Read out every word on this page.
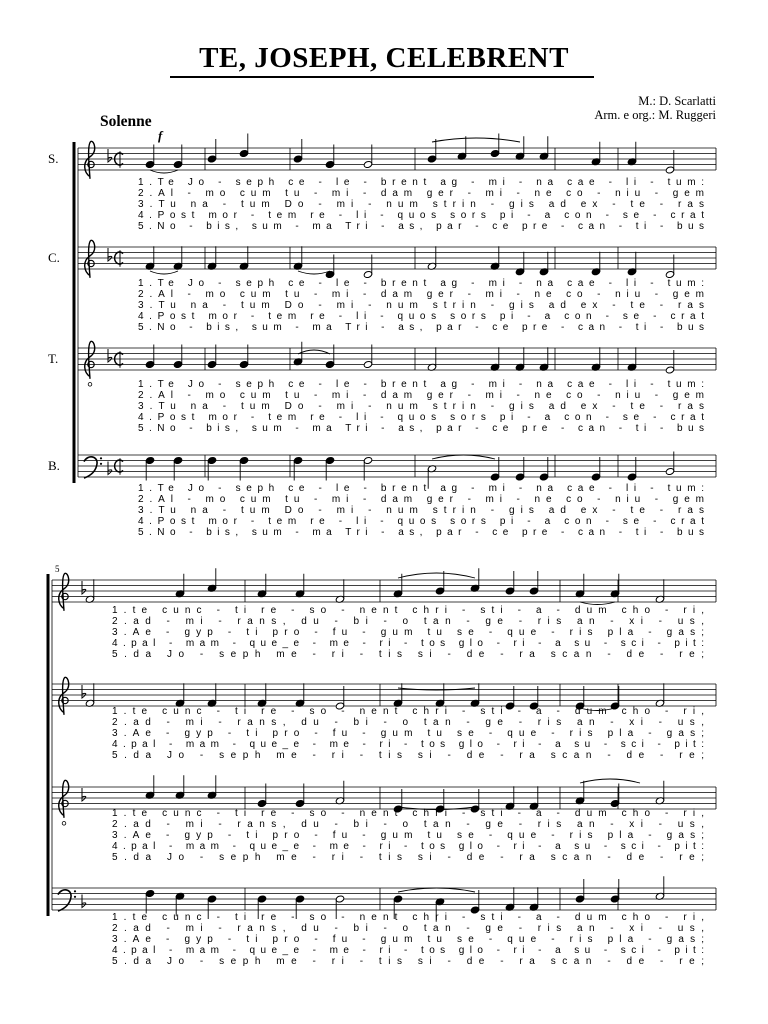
TE, JOSEPH, CELEBRENT
M.: D. Scarlatti
Arm. e org.: M. Ruggeri
Solenne
S.
C.
T.
B.
1.Te Jo - seph ce - le - brent ag - mi - na cae - li - tum:
2.Al - mo cum tu - mi - dam ger - mi - ne co - niu - gem
3.Tu na - tum Do - mi - num strin - gis ad ex - te - ras
4.Post mor - tem re - li - quos sors pi - a con - se - crat
5.No - bis, sum - ma Tri - as, par - ce pre - can - ti - bus
1.Te Jo - seph ce - le - brent ag - mi - na cae - li - tum:
2.Al - mo cum tu - mi - dam ger - mi - ne co - niu - gem
3.Tu na - tum Do - mi - num strin - gis ad ex - te - ras
4.Post mor - tem re - li - quos sors pi - a con - se - crat
5.No - bis, sum - ma Tri - as, par - ce pre - can - ti - bus
1.Te Jo - seph ce - le - brent ag - mi - na cae - li - tum:
2.Al - mo cum tu - mi - dam ger - mi - ne co - niu - gem
3.Tu na - tum Do - mi - num strin - gis ad ex - te - ras
4.Post mor - tem re - li - quos sors pi - a con - se - crat
5.No - bis, sum - ma Tri - as, par - ce pre - can - ti - bus
1.Te Jo - seph ce - le - brent ag - mi - na cae - li - tum:
2.Al - mo cum tu - mi - dam ger - mi - ne co - niu - gem
3.Tu na - tum Do - mi - num strin - gis ad ex - te - ras
4.Post mor - tem re - li - quos sors pi - a con - se - crat
5.No - bis, sum - ma Tri - as, par - ce pre - can - ti - bus
1.te cunc - ti re - so - nent chri - sti - a - dum cho - ri,
2.ad - mi - rans, du - bi - o tan - ge - ris an - xi - us,
3.Ae - gyp - ti pro - fu - gum tu se - que - ris pla - gas;
4.pal - mam - que_e - me - ri - tos glo - ri - a su - sci - pit:
5.da Jo - seph me - ri - tis si - de - ra scan - de - re;
1.te cunc - ti re - so - nent chri - sti - a - dum cho - ri,
2.ad - mi - rans, du - bi - o tan - ge - ris an - xi - us,
3.Ae - gyp - ti pro - fu - gum tu se - que - ris pla - gas;
4.pal - mam - que_e - me - ri - tos glo - ri - a su - sci - pit:
5.da Jo - seph me - ri - tis si - de - ra scan - de - re;
1.te cunc - ti re - so - nent chri - sti - a - dum cho - ri,
2.ad - mi - rans, du - bi - o tan - ge - ris an - xi - us,
3.Ae - gyp - ti pro - fu - gum tu se - que - ris pla - gas;
4.pal - mam - que_e - me - ri - tos glo - ri - a su - sci - pit:
5.da Jo - seph me - ri - tis si - de - ra scan - de - re;
1.te cunc - ti re - so - nent chri - sti - a - dum cho - ri,
2.ad - mi - rans, du - bi - o tan - ge - ris an - xi - us,
3.Ae - gyp - ti pro - fu - gum tu se - que - ris pla - gas;
4.pal - mam - que_e - me - ri - tos glo - ri - a su - sci - pit:
5.da Jo - seph me - ri - tis si - de - ra scan - de - re;
f
5
